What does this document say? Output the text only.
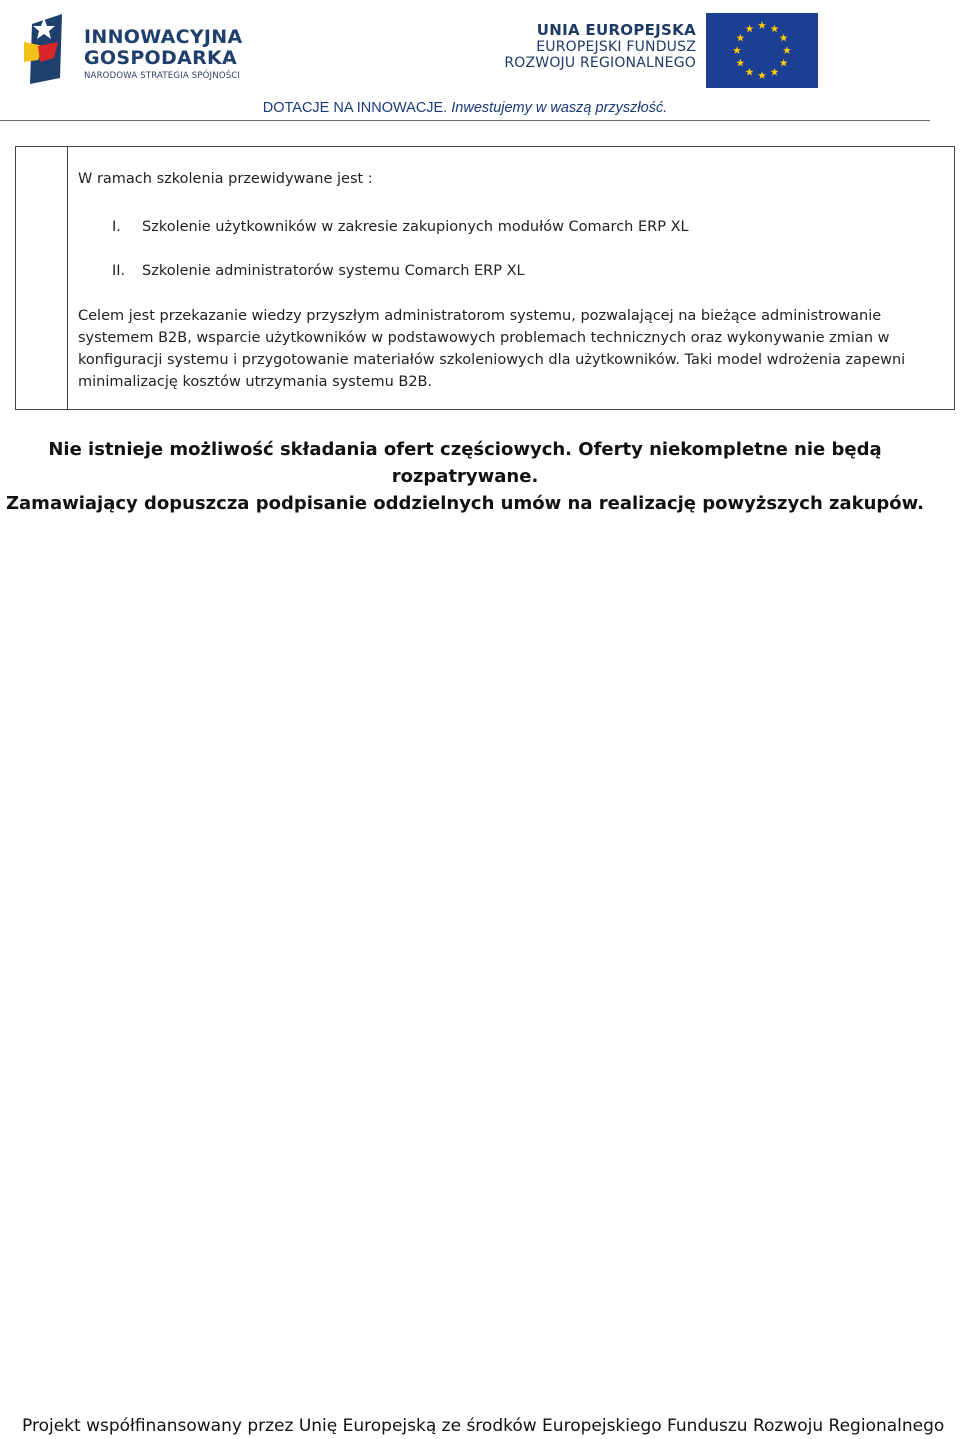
INNOWACYJNA
GOSPODARKA
NARODOWA STRATEGIA SPÓJNOŚCI
UNIA EUROPEJSKA
EUROPEJSKI FUNDUSZ
ROZWOJU REGIONALNEGO
DOTACJE NA INNOWACJE. Inwestujemy w waszą przyszłość.

W ramach szkolenia przewidywane jest :

I.	Szkolenie użytkowników w zakresie zakupionych modułów Comarch ERP XL
II.	Szkolenie administratorów systemu Comarch ERP XL

Celem jest przekazanie wiedzy przyszłym administratorom systemu, pozwalającej na bieżące administrowanie systemem B2B, wsparcie użytkowników w podstawowych problemach technicznych oraz wykonywanie zmian w konfiguracji systemu i przygotowanie materiałów szkoleniowych dla użytkowników. Taki model wdrożenia zapewni minimalizację kosztów utrzymania systemu B2B.

Nie istnieje możliwość składania ofert częściowych. Oferty niekompletne nie będą rozpatrywane.
Zamawiający dopuszcza podpisanie oddzielnych umów na realizację powyższych zakupów.
Projekt współfinansowany przez Unię Europejską ze środków Europejskiego Funduszu Rozwoju Regionalnego
